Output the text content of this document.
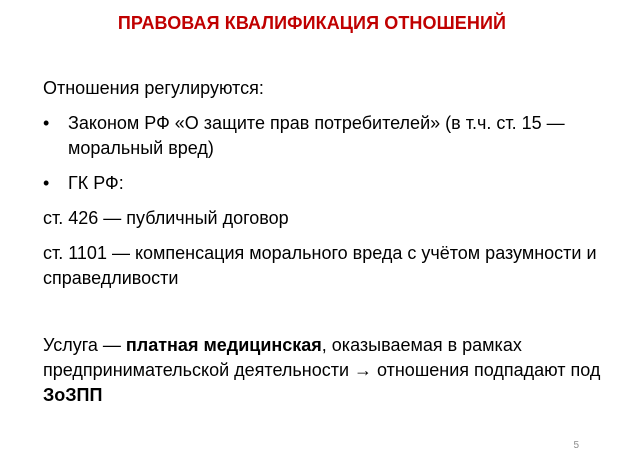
ПРАВОВАЯ КВАЛИФИКАЦИЯ ОТНОШЕНИЙ
Отношения регулируются:
• Законом РФ «О защите прав потребителей» (в т.ч. ст. 15 — моральный вред)
• ГК РФ:
ст. 426 — публичный договор
ст. 1101 — компенсация морального вреда с учётом разумности и справедливости
Услуга — платная медицинская, оказываемая в рамках предпринимательской деятельности → отношения подпадают под ЗоЗПП
5
